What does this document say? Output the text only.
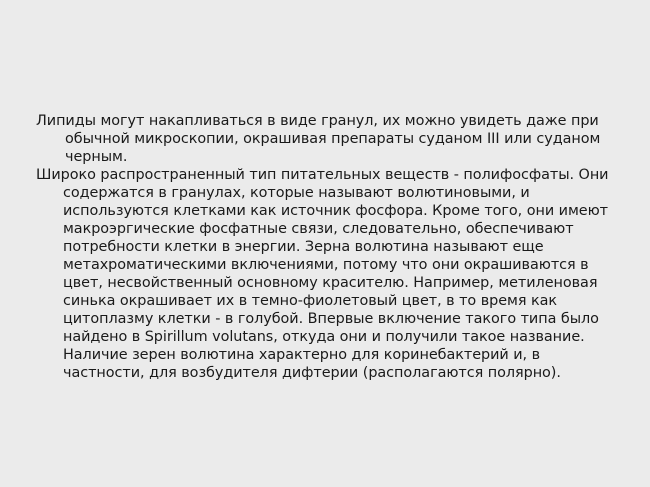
Липиды могут накапливаться в виде гранул, их можно увидеть даже при обычной микроскопии, окрашивая препараты суданом III или суданом черным.

Широко распространенный тип питательных веществ - полифосфаты. Они содержатся в гранулах, которые называют волютиновыми, и используются клетками как источник фосфора. Кроме того, они имеют макроэргические фосфатные связи, следовательно, обеспечивают потребности клетки в энергии. Зерна волютина называют еще метахроматическими включениями, потому что они окрашиваются в цвет, несвойственный основному красителю. Например, метиленовая синька окрашивает их в темно-фиолетовый цвет, в то время как цитоплазму клетки - в голубой. Впервые включение такого типа было найдено в Spirillum volutans, откуда они и получили такое название. Наличие зерен волютина характерно для коринебактерий и, в частности, для возбудителя дифтерии (располагаются полярно).
